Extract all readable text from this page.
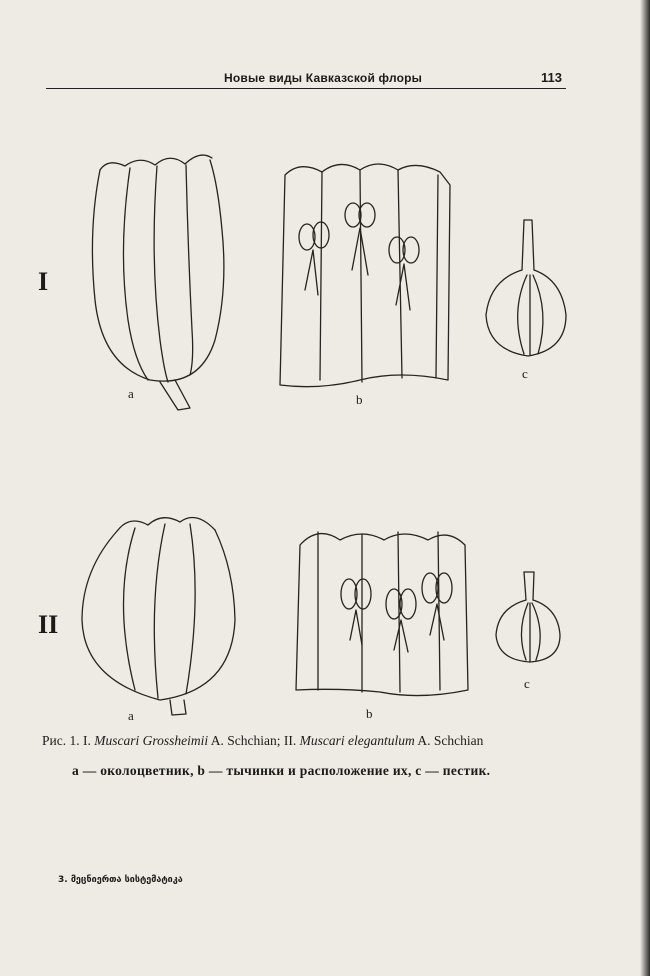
Новые виды Кавказской флоры	113
I
II
a	b
c
a	b
c
Рис. 1. I. Muscari Grossheimii A. Schchian; II. Muscari elegantulum A. Schchian
a — околоцветник, b — тычинки и расположение их, c — пестик.
3. მეცნიერთა სისტემატიკა
